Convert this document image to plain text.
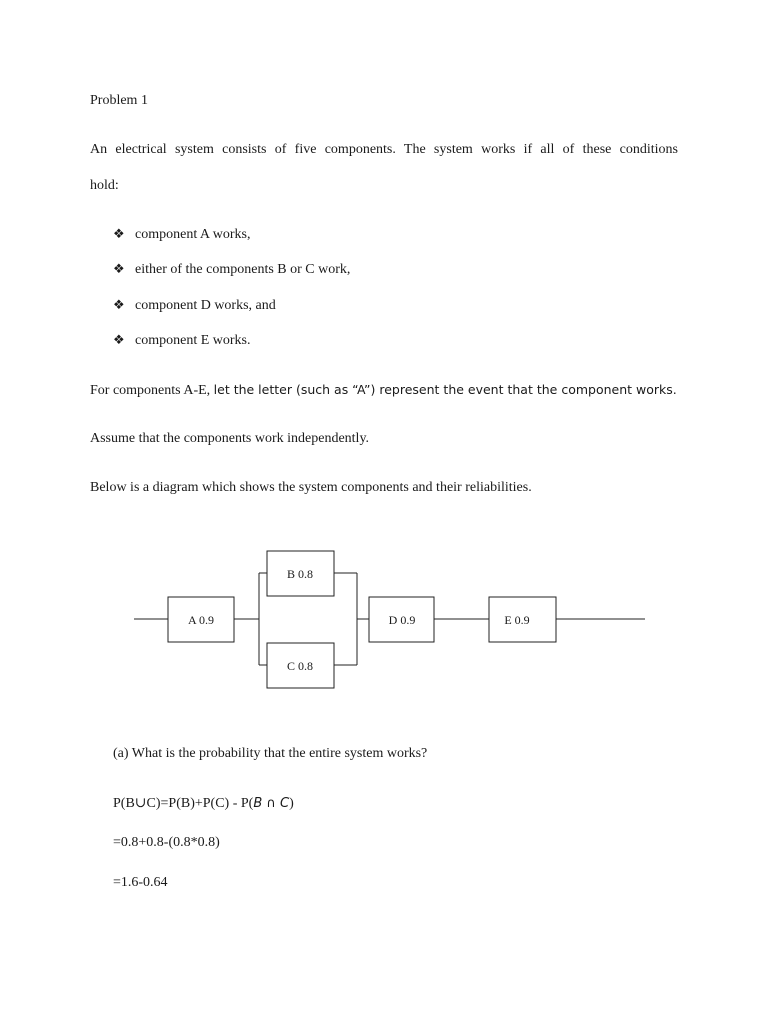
Problem 1
An electrical system consists of five components. The system works if all of these conditions
hold:
❖ component A works,
❖ either of the components B or C work,
❖ component D works, and
❖ component E works.
For components A-E, let the letter (such as “A”) represent the event that the component works.
Assume that the components work independently.
Below is a diagram which shows the system components and their reliabilities.
A 0.9
B 0.8
C 0.8
D 0.9	E 0.9
(a) What is the probability that the entire system works?
P(B∪C)=P(B)+P(C) - P(B ∩ C)
=0.8+0.8-(0.8*0.8)
=1.6-0.64
